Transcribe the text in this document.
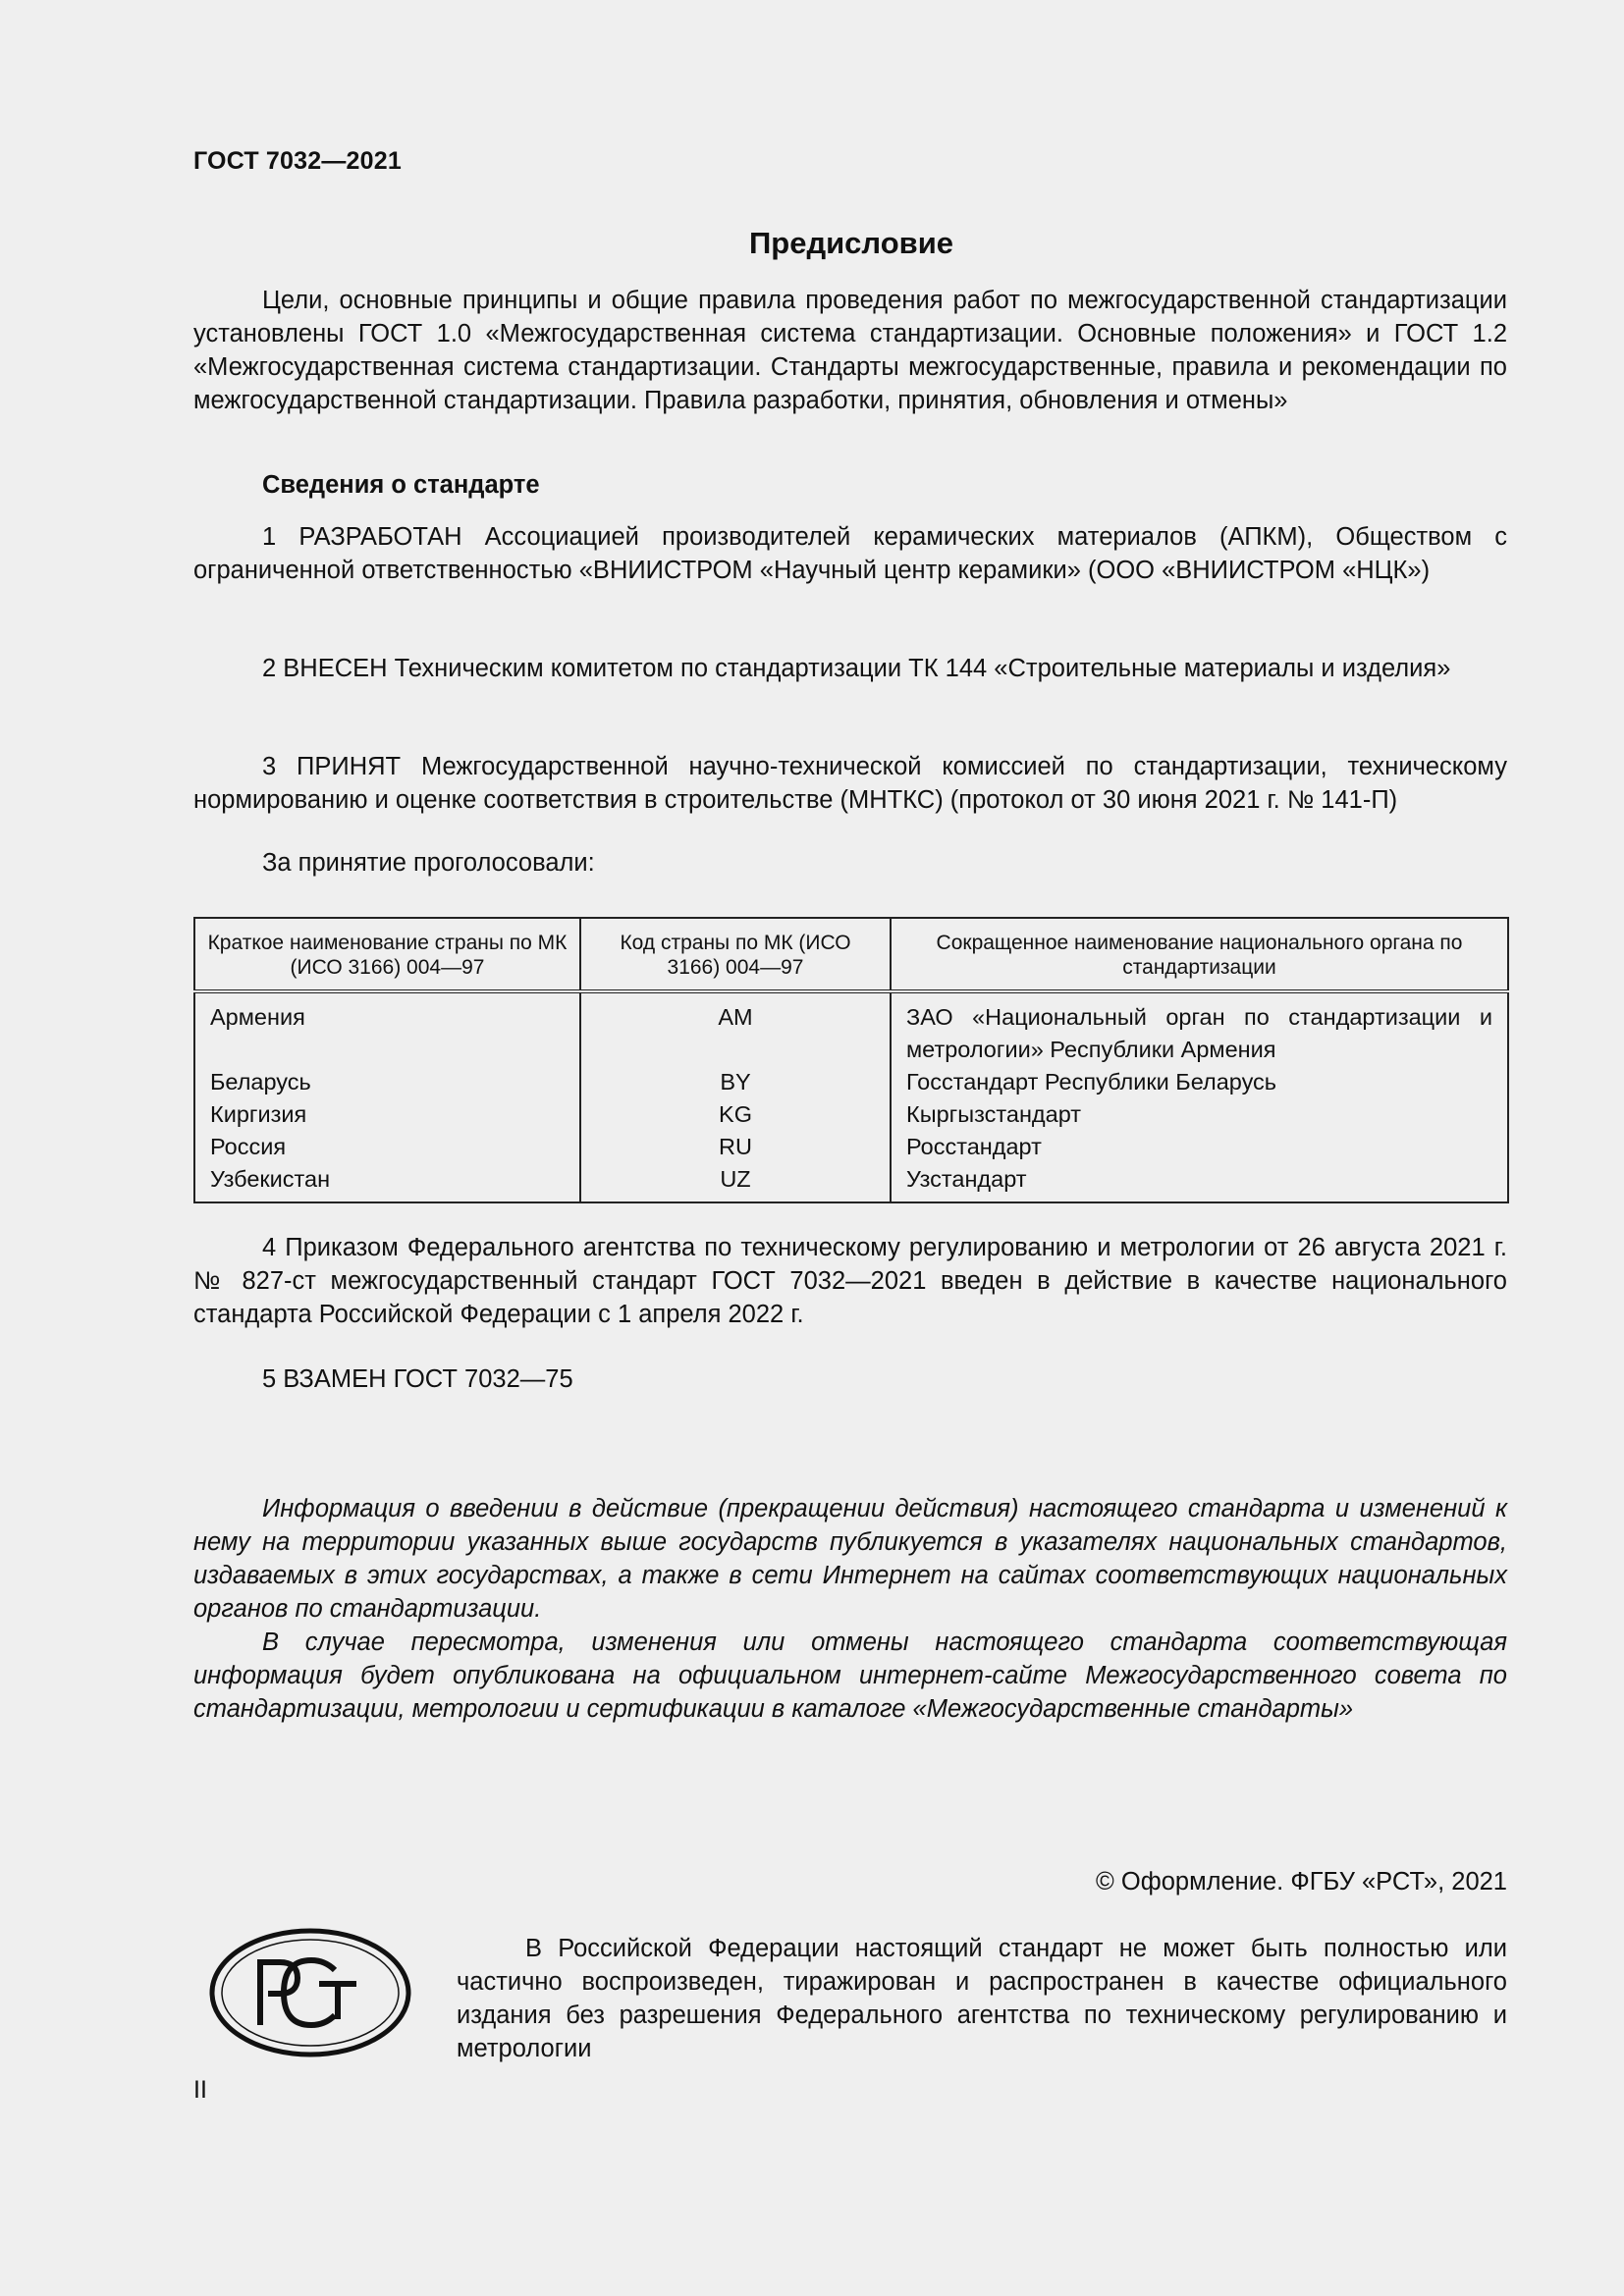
ГОСТ 7032—2021
Предисловие
Цели, основные принципы и общие правила проведения работ по межгосударственной стандартизации установлены ГОСТ 1.0 «Межгосударственная система стандартизации. Основные положения» и ГОСТ 1.2 «Межгосударственная система стандартизации. Стандарты межгосударственные, правила и рекомендации по межгосударственной стандартизации. Правила разработки, принятия, обновления и отмены»
Сведения о стандарте
1 РАЗРАБОТАН Ассоциацией производителей керамических материалов (АПКМ), Обществом с ограниченной ответственностью «ВНИИСТРОМ «Научный центр керамики» (ООО «ВНИИСТРОМ «НЦК»)
2 ВНЕСЕН Техническим комитетом по стандартизации ТК 144 «Строительные материалы и изделия»
3 ПРИНЯТ Межгосударственной научно-технической комиссией по стандартизации, техническому нормированию и оценке соответствия в строительстве (МНТКС) (протокол от 30 июня 2021 г. № 141-П)
За принятие проголосовали:
Краткое наименование страны по МК (ИСО 3166) 004—97	Код страны по МК (ИСО 3166) 004—97	Сокращенное наименование национального органа по стандартизации
Армения	AM	ЗАО «Национальный орган по стандартизации и метрологии» Республики Армения
Беларусь	BY	Госстандарт Республики Беларусь
Киргизия	KG	Кыргызстандарт
Россия	RU	Росстандарт
Узбекистан	UZ	Узстандарт
4 Приказом Федерального агентства по техническому регулированию и метрологии от 26 августа 2021 г. № 827-ст межгосударственный стандарт ГОСТ 7032—2021 введен в действие в качестве национального стандарта Российской Федерации с 1 апреля 2022 г.
5 ВЗАМЕН ГОСТ 7032—75
Информация о введении в действие (прекращении действия) настоящего стандарта и изменений к нему на территории указанных выше государств публикуется в указателях национальных стандартов, издаваемых в этих государствах, а также в сети Интернет на сайтах соответствующих национальных органов по стандартизации.
В случае пересмотра, изменения или отмены настоящего стандарта соответствующая информация будет опубликована на официальном интернет-сайте Межгосударственного совета по стандартизации, метрологии и сертификации в каталоге «Межгосударственные стандарты»
© Оформление. ФГБУ «РСТ», 2021
В Российской Федерации настоящий стандарт не может быть полностью или частично воспроизведен, тиражирован и распространен в качестве официального издания без разрешения Федерального агентства по техническому регулированию и метрологии
II
